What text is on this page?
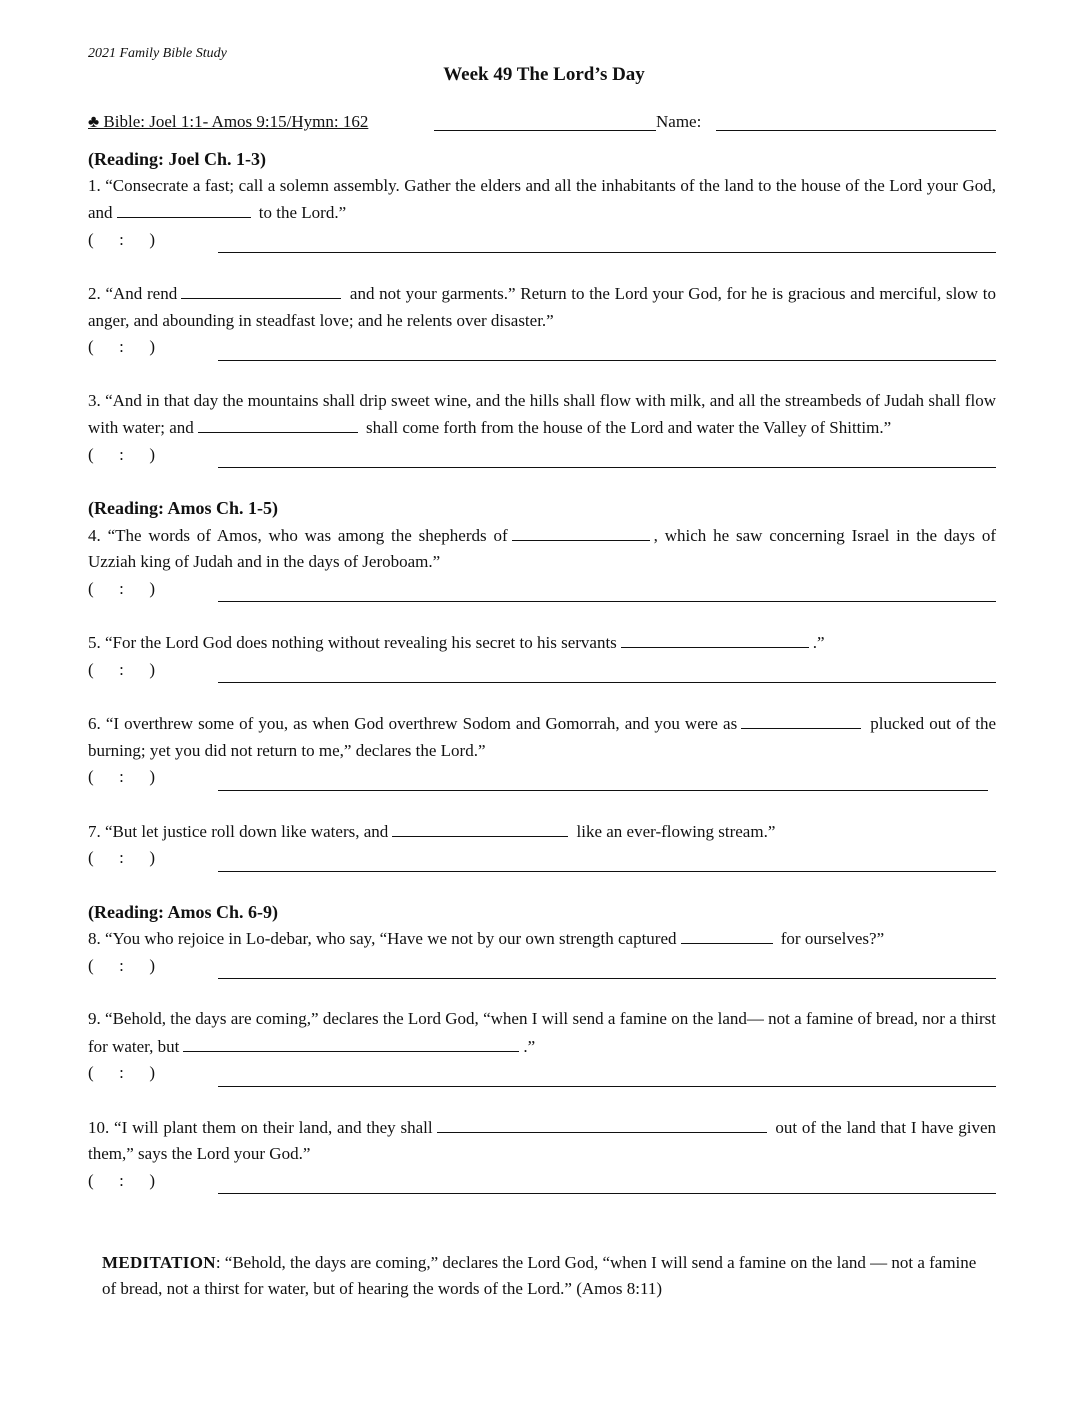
2021 Family Bible Study
Week 49 The Lord’s Day
♣ Bible: Joel 1:1- Amos 9:15/Hymn: 162	Name:

(Reading: Joel Ch. 1-3)

1. “Consecrate a fast; call a solemn assembly. Gather the elders and all the inhabitants of the land to the house of the Lord your God, and	to the Lord.”

(      :      )

2. “And rend	and not your garments.” Return to the Lord your God, for he is gracious and merciful, slow to anger, and abounding in steadfast love; and he relents over disaster.”

(      :      )

3. “And in that day the mountains shall drip sweet wine, and the hills shall flow with milk, and all the streambeds of Judah shall flow with water; and	shall come forth from the house of the Lord and water the Valley of Shittim.”

(      :      )

(Reading: Amos Ch. 1-5)

4. “The words of Amos, who was among the shepherds of	, which he saw concerning Israel in the days of Uzziah king of Judah and in the days of Jeroboam.”

(      :      )

5. “For the Lord God does nothing without revealing his secret to his servants	.”

(      :      )

6. “I overthrew some of you, as when God overthrew Sodom and Gomorrah, and you were as	plucked out of the burning; yet you did not return to me,” declares the Lord.”

(      :      )

7. “But let justice roll down like waters, and	like an ever-flowing stream.”

(      :      )

(Reading: Amos Ch. 6-9)

8. “You who rejoice in Lo-debar, who say, “Have we not by our own strength captured	for ourselves?”

(      :      )

9. “Behold, the days are coming,” declares the Lord God, “when I will send a famine on the land— not a famine of bread, nor a thirst for water, but	.”

(      :      )

10. “I will plant them on their land, and they shall	out of the land that I have given them,” says the Lord your God.”

(      :      )
MEDITATION: “Behold, the days are coming,” declares the Lord God, “when I will send a famine on the land — not a famine of bread, not a thirst for water, but of hearing the words of the Lord.” (Amos 8:11)
